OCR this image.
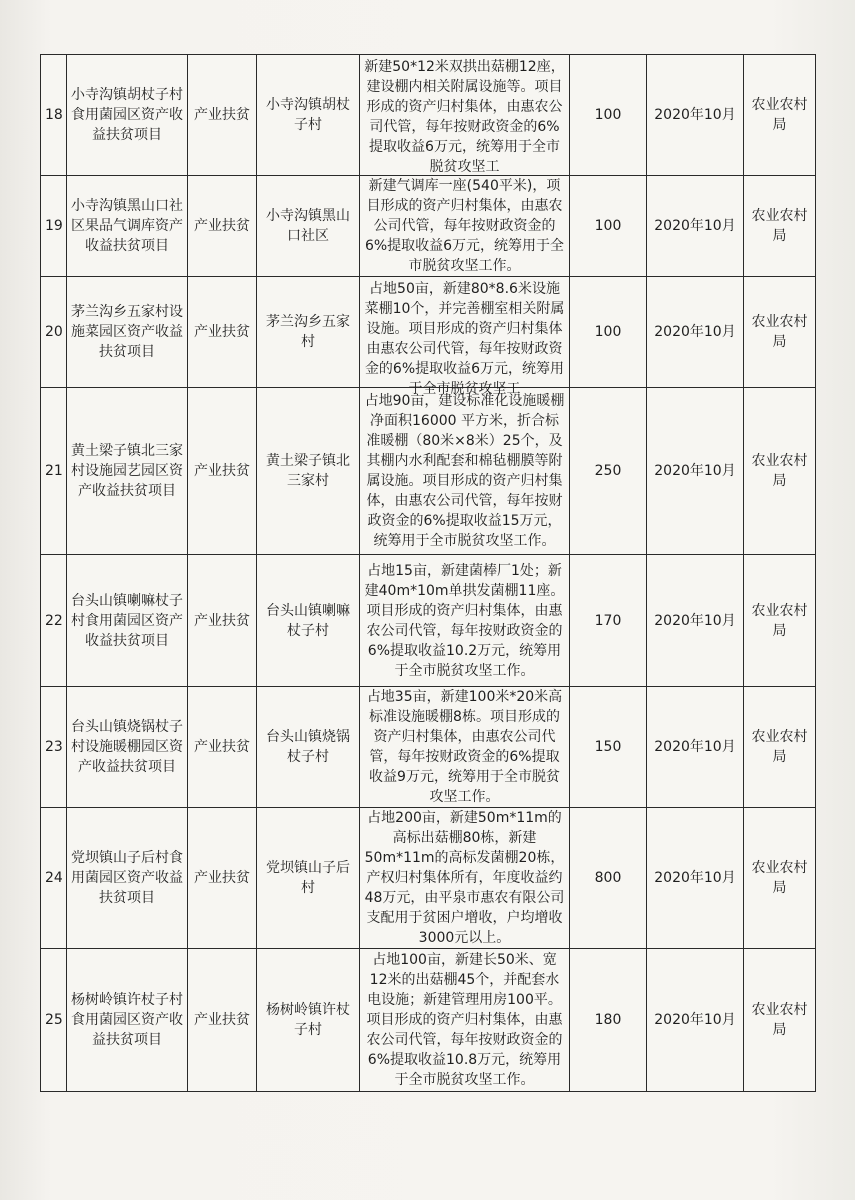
18	小寺沟镇胡杖子村食用菌园区资产收益扶贫项目	产业扶贫	小寺沟镇胡杖子村	新建50*12米双拱出菇棚12座，建设棚内相关附属设施等。项目形成的资产归村集体，由惠农公司代管，每年按财政资金的6%提取收益6万元，统筹用于全市脱贫攻坚工	100	2020年10月	农业农村局
19	小寺沟镇黑山口社区果品气调库资产收益扶贫项目	产业扶贫	小寺沟镇黑山口社区	新建气调库一座(540平米)，项目形成的资产归村集体，由惠农公司代管，每年按财政资金的6%提取收益6万元，统筹用于全市脱贫攻坚工作。	100	2020年10月	农业农村局
20	茅兰沟乡五家村设施菜园区资产收益扶贫项目	产业扶贫	茅兰沟乡五家村	占地50亩，新建80*8.6米设施菜棚10个，并完善棚室相关附属设施。项目形成的资产归村集体由惠农公司代管，每年按财政资金的6%提取收益6万元，统筹用于全市脱贫攻坚工	100	2020年10月	农业农村局
21	黄土梁子镇北三家村设施园艺园区资产收益扶贫项目	产业扶贫	黄土梁子镇北三家村	占地90亩，建设标准化设施暖棚净面积16000 平方米，折合标准暖棚（80米×8米）25个，及其棚内水利配套和棉毡棚膜等附属设施。项目形成的资产归村集体，由惠农公司代管，每年按财政资金的6%提取收益15万元，统筹用于全市脱贫攻坚工作。	250	2020年10月	农业农村局
22	台头山镇喇嘛杖子村食用菌园区资产收益扶贫项目	产业扶贫	台头山镇喇嘛杖子村	占地15亩，新建菌棒厂1处；新建40m*10m单拱发菌棚11座。项目形成的资产归村集体，由惠农公司代管，每年按财政资金的6%提取收益10.2万元，统筹用于全市脱贫攻坚工作。	170	2020年10月	农业农村局
23	台头山镇烧锅杖子村设施暖棚园区资产收益扶贫项目	产业扶贫	台头山镇烧锅杖子村	占地35亩，新建100米*20米高标准设施暖棚8栋。项目形成的资产归村集体，由惠农公司代管，每年按财政资金的6%提取收益9万元，统筹用于全市脱贫攻坚工作。	150	2020年10月	农业农村局
24	党坝镇山子后村食用菌园区资产收益扶贫项目	产业扶贫	党坝镇山子后村	占地200亩，新建50m*11m的高标出菇棚80栋，新建50m*11m的高标发菌棚20栋，产权归村集体所有，年度收益约48万元，由平泉市惠农有限公司支配用于贫困户增收，户均增收3000元以上。	800	2020年10月	农业农村局
25	杨树岭镇许杖子村食用菌园区资产收益扶贫项目	产业扶贫	杨树岭镇许杖子村	占地100亩，新建长50米、宽12米的出菇棚45个，并配套水电设施；新建管理用房100平。项目形成的资产归村集体，由惠农公司代管，每年按财政资金的6%提取收益10.8万元，统筹用于全市脱贫攻坚工作。	180	2020年10月	农业农村局
